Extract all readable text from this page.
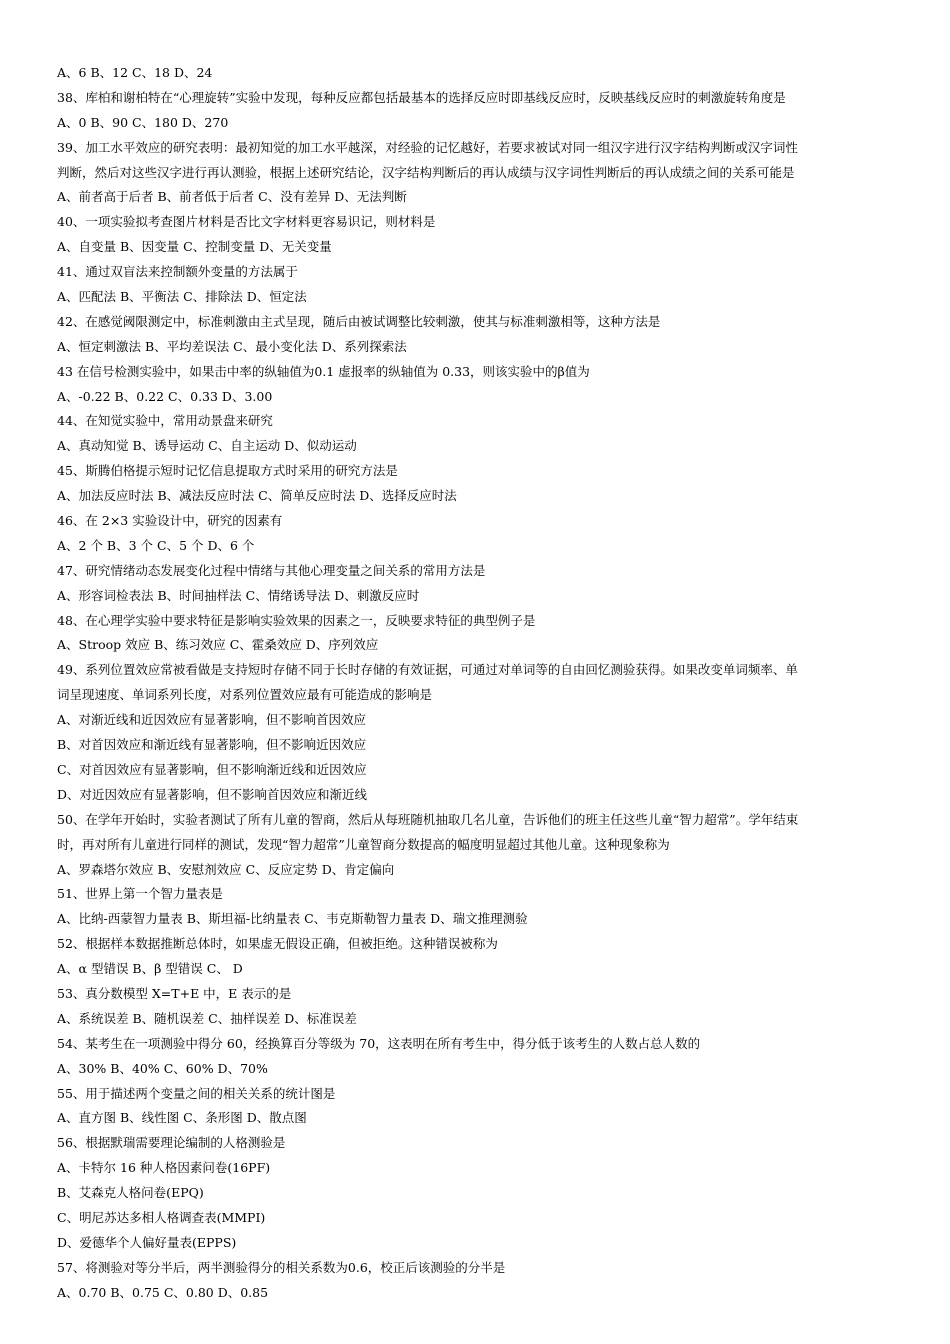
A、6 B、12 C、18 D、24
38、库柏和谢柏特在“心理旋转”实验中发现，每种反应都包括最基本的选择反应时即基线反应时，反映基线反应时的刺激旋转角度是
A、0 B、90 C、180 D、270
39、加工水平效应的研究表明：最初知觉的加工水平越深，对经验的记忆越好，若要求被试对同一组汉字进行汉字结构判断或汉字词性
判断，然后对这些汉字进行再认测验，根据上述研究结论，汉字结构判断后的再认成绩与汉字词性判断后的再认成绩之间的关系可能是
A、前者高于后者 B、前者低于后者 C、没有差异 D、无法判断
40、一项实验拟考查图片材料是否比文字材料更容易识记，则材料是
A、自变量 B、因变量 C、控制变量 D、无关变量
41、通过双盲法来控制额外变量的方法属于
A、匹配法 B、平衡法 C、排除法 D、恒定法
42、在感觉阈限测定中，标准刺激由主式呈现，随后由被试调整比较刺激，使其与标准刺激相等，这种方法是
A、恒定刺激法 B、平均差误法 C、最小变化法 D、系列探索法
43 在信号检测实验中，如果击中率的纵轴值为0.1 虚报率的纵轴值为 0.33，则该实验中的β值为
A、-0.22 B、0.22 C、0.33 D、3.00
44、在知觉实验中，常用动景盘来研究
A、真动知觉 B、诱导运动 C、自主运动 D、似动运动
45、斯腾伯格提示短时记忆信息提取方式时采用的研究方法是
A、加法反应时法 B、减法反应时法 C、简单反应时法 D、选择反应时法
46、在 2×3 实验设计中，研究的因素有
A、2 个 B、3 个 C、5 个 D、6 个
47、研究情绪动态发展变化过程中情绪与其他心理变量之间关系的常用方法是
A、形容词检表法 B、时间抽样法 C、情绪诱导法 D、刺激反应时
48、在心理学实验中要求特征是影响实验效果的因素之一，反映要求特征的典型例子是
A、Stroop 效应 B、练习效应 C、霍桑效应 D、序列效应
49、系列位置效应常被看做是支持短时存储不同于长时存储的有效证据，可通过对单词等的自由回忆测验获得。如果改变单词频率、单
词呈现速度、单词系列长度，对系列位置效应最有可能造成的影响是
A、对渐近线和近因效应有显著影响，但不影响首因效应
B、对首因效应和渐近线有显著影响，但不影响近因效应
C、对首因效应有显著影响，但不影响渐近线和近因效应
D、对近因效应有显著影响，但不影响首因效应和渐近线
50、在学年开始时，实验者测试了所有儿童的智商，然后从每班随机抽取几名儿童，告诉他们的班主任这些儿童“智力超常”。学年结束
时，再对所有儿童进行同样的测试，发现“智力超常”儿童智商分数提高的幅度明显超过其他儿童。这种现象称为
A、罗森塔尔效应 B、安慰剂效应 C、反应定势 D、肯定偏向
51、世界上第一个智力量表是
A、比纳-西蒙智力量表 B、斯坦福-比纳量表 C、韦克斯勒智力量表 D、瑞文推理测验
52、根据样本数据推断总体时，如果虚无假设正确，但被拒绝。这种错误被称为
A、α 型错误 B、β 型错误 C、 D
53、真分数模型 X=T+E 中，E 表示的是
A、系统误差 B、随机误差 C、抽样误差 D、标准误差
54、某考生在一项测验中得分 60，经换算百分等级为 70，这表明在所有考生中，得分低于该考生的人数占总人数的
A、30% B、40% C、60% D、70%
55、用于描述两个变量之间的相关关系的统计图是
A、直方图 B、线性图 C、条形图 D、散点图
56、根据默瑞需要理论编制的人格测验是
A、卡特尔 16 种人格因素问卷(16PF)
B、艾森克人格问卷(EPQ)
C、明尼苏达多相人格调查表(MMPI)
D、爱德华个人偏好量表(EPPS)
57、将测验对等分半后，两半测验得分的相关系数为0.6，校正后该测验的分半是
A、0.70 B、0.75 C、0.80 D、0.85
